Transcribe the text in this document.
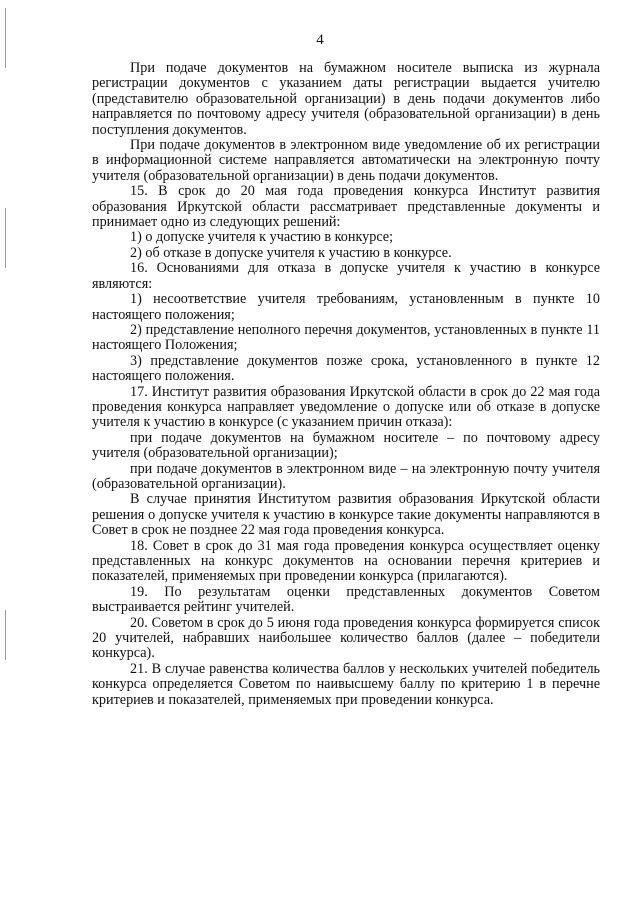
4

При подаче документов на бумажном носителе выписка из журнала регистрации документов с указанием даты регистрации выдается учителю (представителю образовательной организации) в день подачи документов либо направляется по почтовому адресу учителя (образовательной организации) в день поступления документов.

При подаче документов в электронном виде уведомление об их регистрации в информационной системе направляется автоматически на электронную почту учителя (образовательной организации) в день подачи документов.

15. В срок до 20 мая года проведения конкурса Институт развития образования Иркутской области рассматривает представленные документы и принимает одно из следующих решений:

1) о допуске учителя к участию в конкурсе;

2) об отказе в допуске учителя к участию в конкурсе.

16. Основаниями для отказа в допуске учителя к участию в конкурсе являются:

1) несоответствие учителя требованиям, установленным в пункте 10 настоящего положения;

2) представление неполного перечня документов, установленных в пункте 11 настоящего Положения;

3) представление документов позже срока, установленного в пункте 12 настоящего положения.

17. Институт развития образования Иркутской области в срок до 22 мая года проведения конкурса направляет уведомление о допуске или об отказе в допуске учителя к участию в конкурсе (с указанием причин отказа):

при подаче документов на бумажном носителе – по почтовому адресу учителя (образовательной организации);

при подаче документов в электронном виде – на электронную почту учителя (образовательной организации).

В случае принятия Институтом развития образования Иркутской области решения о допуске учителя к участию в конкурсе такие документы направляются в Совет в срок не позднее 22 мая года проведения конкурса.

18. Совет в срок до 31 мая года проведения конкурса осуществляет оценку представленных на конкурс документов на основании перечня критериев и показателей, применяемых при проведении конкурса (прилагаются).

19. По результатам оценки представленных документов Советом выстраивается рейтинг учителей.

20. Советом в срок до 5 июня года проведения конкурса формируется список 20 учителей, набравших наибольшее количество баллов (далее – победители конкурса).

21. В случае равенства количества баллов у нескольких учителей победитель конкурса определяется Советом по наивысшему баллу по критерию 1 в перечне критериев и показателей, применяемых при проведении конкурса.
